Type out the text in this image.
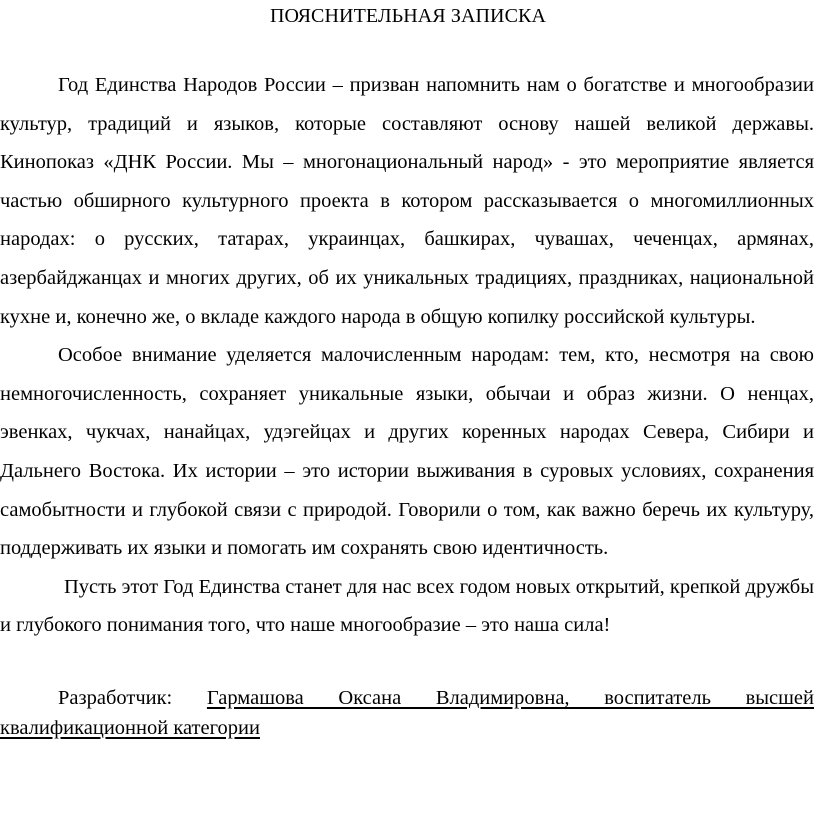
ПОЯСНИТЕЛЬНАЯ ЗАПИСКА

Год Единства Народов России – призван напомнить нам о богатстве и многообразии культур, традиций и языков, которые составляют основу нашей великой державы. Кинопоказ «ДНК России. Мы – многонациональный народ» - это мероприятие является частью обширного культурного проекта в котором рассказывается о многомиллионных народах: о русских, татарах, украинцах, башкирах, чувашах, чеченцах, армянах, азербайджанцах и многих других, об их уникальных традициях, праздниках, национальной кухне и, конечно же, о вкладе каждого народа в общую копилку российской культуры.

Особое внимание уделяется малочисленным народам: тем, кто, несмотря на свою немногочисленность, сохраняет уникальные языки, обычаи и образ жизни. О ненцах, эвенках, чукчах, нанайцах, удэгейцах и других коренных народах Севера, Сибири и Дальнего Востока. Их истории – это истории выживания в суровых условиях, сохранения самобытности и глубокой связи с природой. Говорили о том, как важно беречь их культуру, поддерживать их языки и помогать им сохранять свою идентичность.

Пусть этот Год Единства станет для нас всех годом новых открытий, крепкой дружбы и глубокого понимания того, что наше многообразие – это наша сила!

Разработчик: Гармашова Оксана Владимировна, воспитатель высшей квалификационной категории
